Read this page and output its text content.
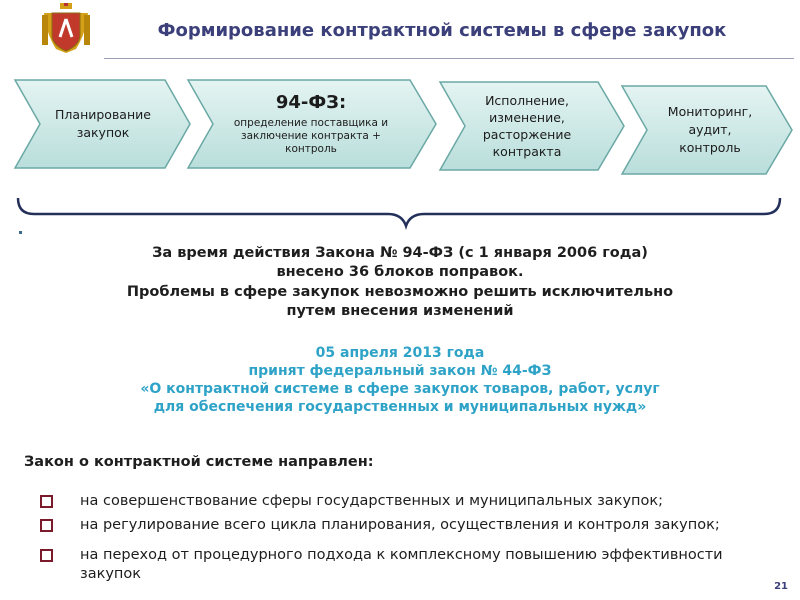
Формирование контрактной системы в сфере закупок
Планирование закупок
94-ФЗ:
определение поставщика и заключение контракта + контроль
Исполнение, изменение, расторжение контракта
Мониторинг, аудит, контроль
За время действия Закона № 94-ФЗ (с 1 января 2006 года)
внесено 36 блоков поправок.
Проблемы в сфере закупок невозможно решить исключительно
путем внесения изменений
05 апреля 2013 года
принят федеральный закон № 44-ФЗ
«О контрактной системе в сфере закупок товаров, работ, услуг
для обеспечения государственных и муниципальных нужд»
Закон о контрактной системе направлен:
на совершенствование сферы государственных и муниципальных закупок;
на регулирование всего цикла планирования, осуществления и контроля закупок;
на переход от процедурного подхода к комплексному повышению эффективности закупок
21
